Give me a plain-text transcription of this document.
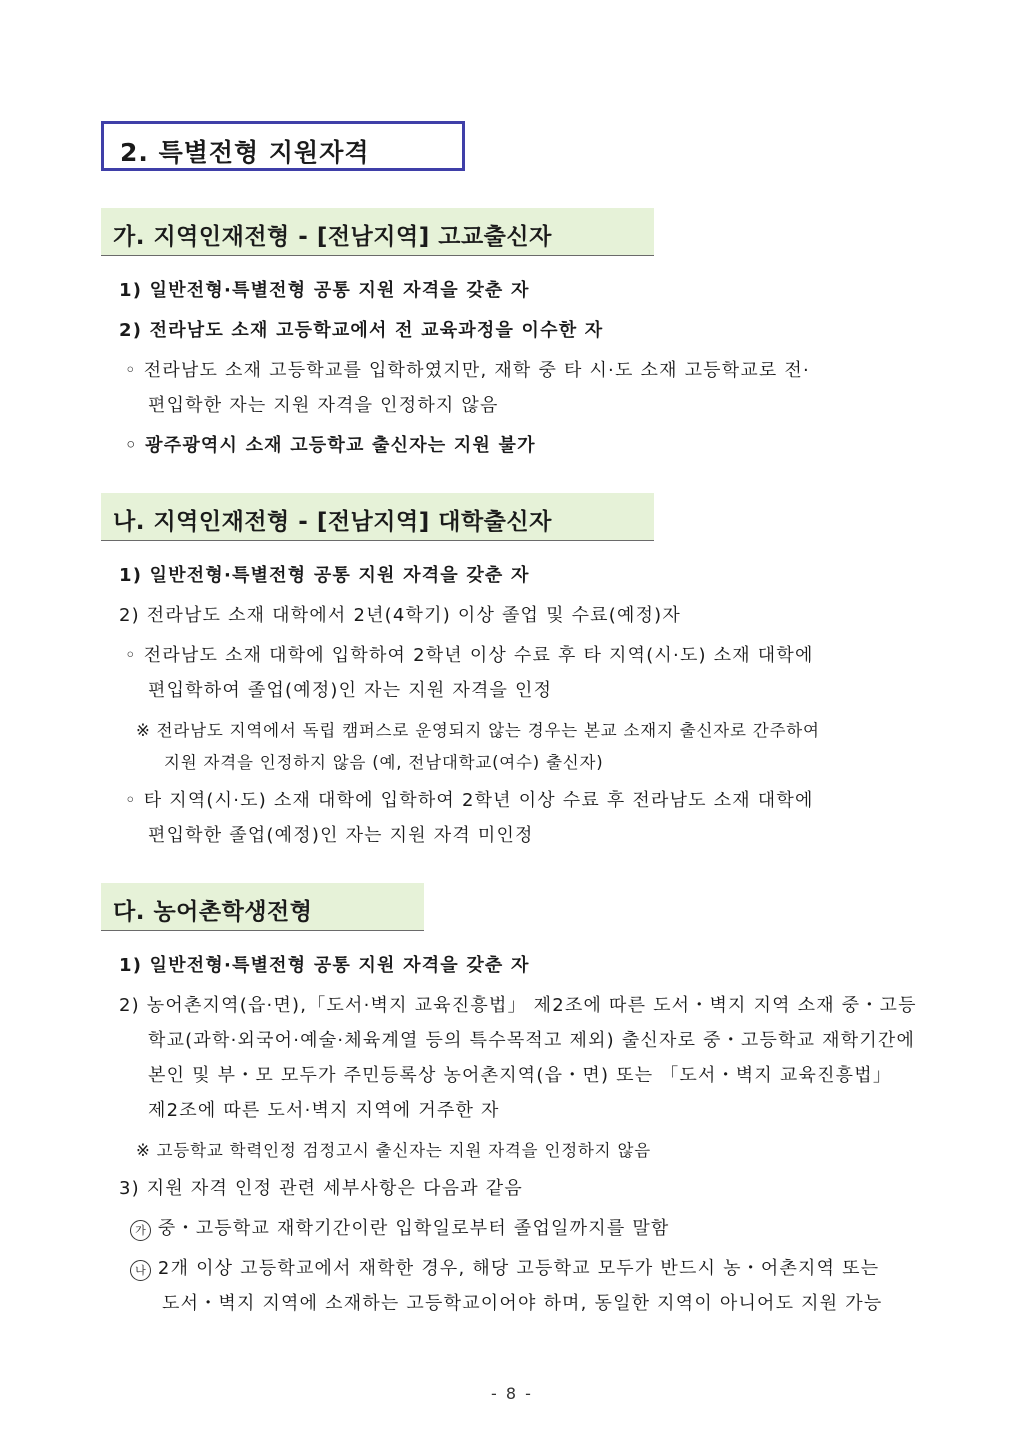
2. 특별전형 지원자격
가. 지역인재전형 - [전남지역] 고교출신자
1) 일반전형·특별전형 공통 지원 자격을 갖춘 자
2) 전라남도 소재 고등학교에서 전 교육과정을 이수한 자
◦ 전라남도 소재 고등학교를 입학하였지만, 재학 중 타 시·도 소재 고등학교로 전·
편입학한 자는 지원 자격을 인정하지 않음
◦ 광주광역시 소재 고등학교 출신자는 지원 불가
나. 지역인재전형 - [전남지역] 대학출신자
1) 일반전형·특별전형 공통 지원 자격을 갖춘 자
2) 전라남도 소재 대학에서 2년(4학기) 이상 졸업 및 수료(예정)자
◦ 전라남도 소재 대학에 입학하여 2학년 이상 수료 후 타 지역(시·도) 소재 대학에
편입학하여 졸업(예정)인 자는 지원 자격을 인정
※ 전라남도 지역에서 독립 캠퍼스로 운영되지 않는 경우는 본교 소재지 출신자로 간주하여
지원 자격을 인정하지 않음 (예, 전남대학교(여수) 출신자)
◦ 타 지역(시·도) 소재 대학에 입학하여 2학년 이상 수료 후 전라남도 소재 대학에
편입학한 졸업(예정)인 자는 지원 자격 미인정
다. 농어촌학생전형
1) 일반전형·특별전형 공통 지원 자격을 갖춘 자
2) 농어촌지역(읍·면),「도서·벽지 교육진흥법」 제2조에 따른 도서・벽지 지역 소재 중・고등
학교(과학·외국어·예술·체육계열 등의 특수목적고 제외) 출신자로 중・고등학교 재학기간에
본인 및 부・모 모두가 주민등록상 농어촌지역(읍・면) 또는 「도서・벽지 교육진흥법」
제2조에 따른 도서·벽지 지역에 거주한 자
※ 고등학교 학력인정 검정고시 출신자는 지원 자격을 인정하지 않음
3) 지원 자격 인정 관련 세부사항은 다음과 같음
가 중・고등학교 재학기간이란 입학일로부터 졸업일까지를 말함
나 2개 이상 고등학교에서 재학한 경우, 해당 고등학교 모두가 반드시 농・어촌지역 또는
도서・벽지 지역에 소재하는 고등학교이어야 하며, 동일한 지역이 아니어도 지원 가능
- 8 -
